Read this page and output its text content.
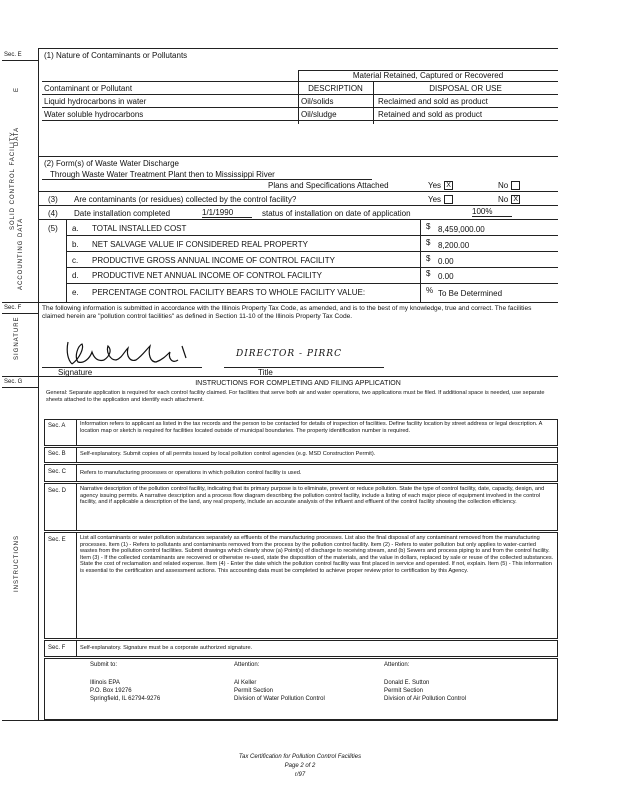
Sec. E
E
DATA
SOLID CONTROL FACILITY
ACCOUNTING DATA
(1) Nature of Contaminants or Pollutants
Material Retained, Captured or Recovered
Contaminant or Pollutant	DESCRIPTION	DISPOSAL OR USE
Liquid hydrocarbons in water	Oil/solids	Reclaimed and sold as product
Water soluble hydrocarbons	Oil/sludge	Retained and sold as product
(2) Form(s) of Waste Water Discharge
Through Waste Water Treatment Plant then to Mississippi River
Plans and Specifications Attached	Yes X	No
(3) Are contaminants (or residues) collected by the control facility?	Yes	No X
(4) Date installation completed	1/1/1990	status of installation on date of application	100%
(5) a. TOTAL INSTALLED COST	$ 8,459,000.00
b. NET SALVAGE VALUE IF CONSIDERED REAL PROPERTY	$ 8,200.00
c. PRODUCTIVE GROSS ANNUAL INCOME OF CONTROL FACILITY	$ 0.00
d. PRODUCTIVE NET ANNUAL INCOME OF CONTROL FACILITY	$ 0.00
e. PERCENTAGE CONTROL FACILITY BEARS TO WHOLE FACILITY VALUE:	% To Be Determined
Sec. F
SIGNATURE
The following information is submitted in accordance with the Illinois Property Tax Code, as amended, and is to the best of my knowledge, true and correct. The facilities claimed herein are "pollution control facilities" as defined in Section 11-10 of the Illinois Property Tax Code.
Signature
DIRECTOR - PIRRC
Title
Sec. G
INSTRUCTIONS
INSTRUCTIONS FOR COMPLETING AND FILING APPLICATION
General: Separate application is required for each control facility claimed. For facilities that serve both air and water operations, two applications must be filed. If additional space is needed, use separate sheets attached to the application and identify each attachment.
Sec. A	Information refers to applicant as listed in the tax records and the person to be contacted for details of inspection of facilities. Define facility location by street address or legal description. A location map or sketch is required for facilities located outside of municipal boundaries. The property identification number is required.
Sec. B	Self-explanatory. Submit copies of all permits issued by local pollution control agencies (e.g. MSD Construction Permit).
Sec. C Refers to manufacturing processes or operations in which pollution control facility is used.
Sec. D Narrative description of the pollution control facility, indicating that its primary purpose is to eliminate, prevent or reduce pollution. State the type of control facility, date, capacity, design, and agency issuing permits. A narrative description and a process flow diagram describing the pollution control facility, include a listing of each major piece of equipment involved in the control facility, and if applicable a description of the land, any real property, include an accurate analysis of the influent and effluent of the control facility showing the collection efficiency.
Sec. E	List all contaminants or water pollution substances separately as effluents of the manufacturing processes. List also the final disposal of any contaminant removed from the manufacturing processes. Item (1) - Refers to pollutants and contaminants removed from the process by the pollution control facility. Item (2) - Refers to water pollution but only applies to water-carried wastes from the pollution control facilities. Submit drawings which clearly show (a) Point(s) of discharge to receiving stream, and (b) Sewers and process piping to and from the control facility. Item (3) - If the collected contaminants are recovered or otherwise re-used, state the disposition of the materials, and the value in dollars, replaced by sale or reuse of the collected substances. State the cost of reclamation and related expense. Item (4) - Enter the date which the pollution control facility was first placed in service and operated. If not, explain. Item (5) - This information is essential to the certification and assessment actions. This accounting data must be completed to achieve proper review prior to certification by this Agency.
Sec. F	Self-explanatory. Signature must be a corporate authorized signature.
Submit to:
Illinois EPA
P.O. Box 19276
Springfield, IL 62794-9276
Attention:
Al Keller
Permit Section
Division of Water Pollution Control
Attention:
Donald E. Sutton
Permit Section
Division of Air Pollution Control
Tax Certification for Pollution Control Facilities
Page 2 of 2
r/97
